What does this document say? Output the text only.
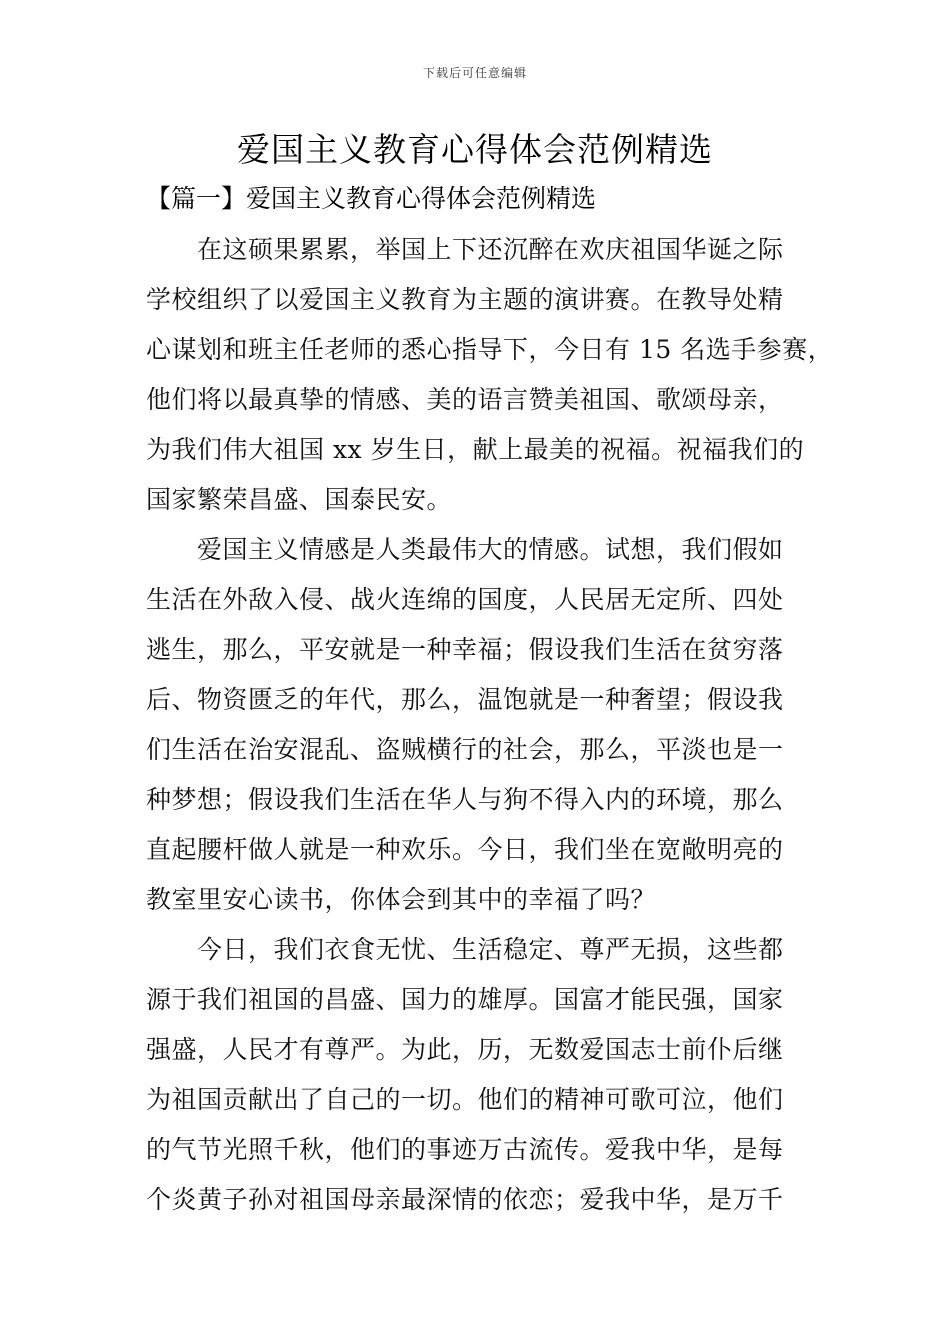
下载后可任意编辑
爱国主义教育心得体会范例精选
【篇一】爱国主义教育心得体会范例精选
　　在这硕果累累，举国上下还沉醉在欢庆祖国华诞之际
学校组织了以爱国主义教育为主题的演讲赛。在教导处精
心谋划和班主任老师的悉心指导下，今日有 15 名选手参赛，
他们将以最真挚的情感、美的语言赞美祖国、歌颂母亲，
为我们伟大祖国 xx 岁生日，献上最美的祝福。祝福我们的
国家繁荣昌盛、国泰民安。
　　爱国主义情感是人类最伟大的情感。试想，我们假如
生活在外敌入侵、战火连绵的国度，人民居无定所、四处
逃生，那么，平安就是一种幸福；假设我们生活在贫穷落
后、物资匮乏的年代，那么，温饱就是一种奢望；假设我
们生活在治安混乱、盗贼横行的社会，那么，平淡也是一
种梦想；假设我们生活在华人与狗不得入内的环境，那么
直起腰杆做人就是一种欢乐。今日，我们坐在宽敞明亮的
教室里安心读书，你体会到其中的幸福了吗？
　　今日，我们衣食无忧、生活稳定、尊严无损，这些都
源于我们祖国的昌盛、国力的雄厚。国富才能民强，国家
强盛，人民才有尊严。为此，历，无数爱国志士前仆后继
为祖国贡献出了自己的一切。他们的精神可歌可泣，他们
的气节光照千秋，他们的事迹万古流传。爱我中华，是每
个炎黄子孙对祖国母亲最深情的依恋；爱我中华，是万千
